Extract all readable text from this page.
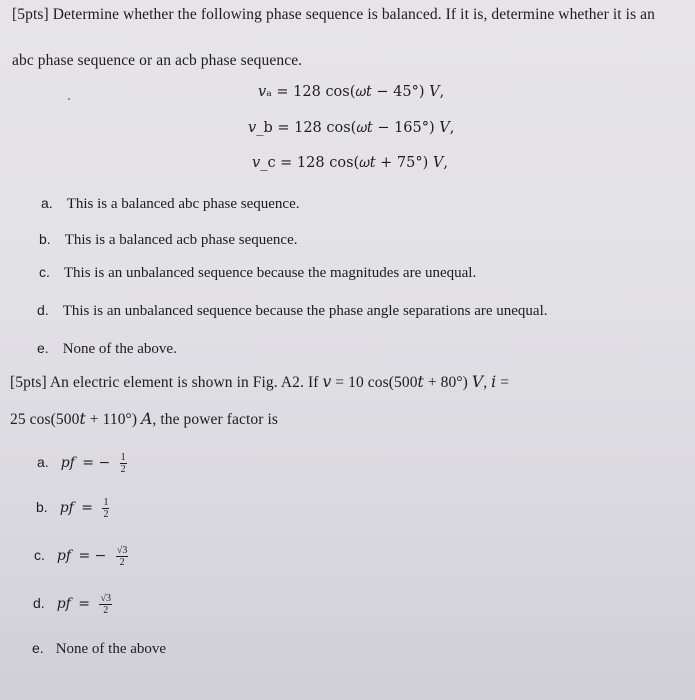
[5pts] Determine whether the following phase sequence is balanced. If it is, determine whether it is an
abc phase sequence or an acb phase sequence.
𝑣ₐ = 128 cos(𝜔𝑡 − 45°) 𝑉,
𝑣_b = 128 cos(𝜔𝑡 − 165°) 𝑉,
𝑣_c = 128 cos(𝜔𝑡 + 75°) 𝑉,
a. This is a balanced abc phase sequence.
b. This is a balanced acb phase sequence.
c. This is an unbalanced sequence because the magnitudes are unequal.
d. This is an unbalanced sequence because the phase angle separations are unequal.
e. None of the above.
[5pts] An electric element is shown in Fig. A2. If 𝑣 = 10 cos(500𝑡 + 80°) 𝑉, 𝑖 =
25 cos(500𝑡 + 110°) 𝐴, the power factor is
a. pf = − $\frac{1}{2}$
b. pf = $\frac{1}{2}$
c. pf = − $\frac{√3}{2}$
d. pf = $\frac{√3}{2}$
e. None of the above
